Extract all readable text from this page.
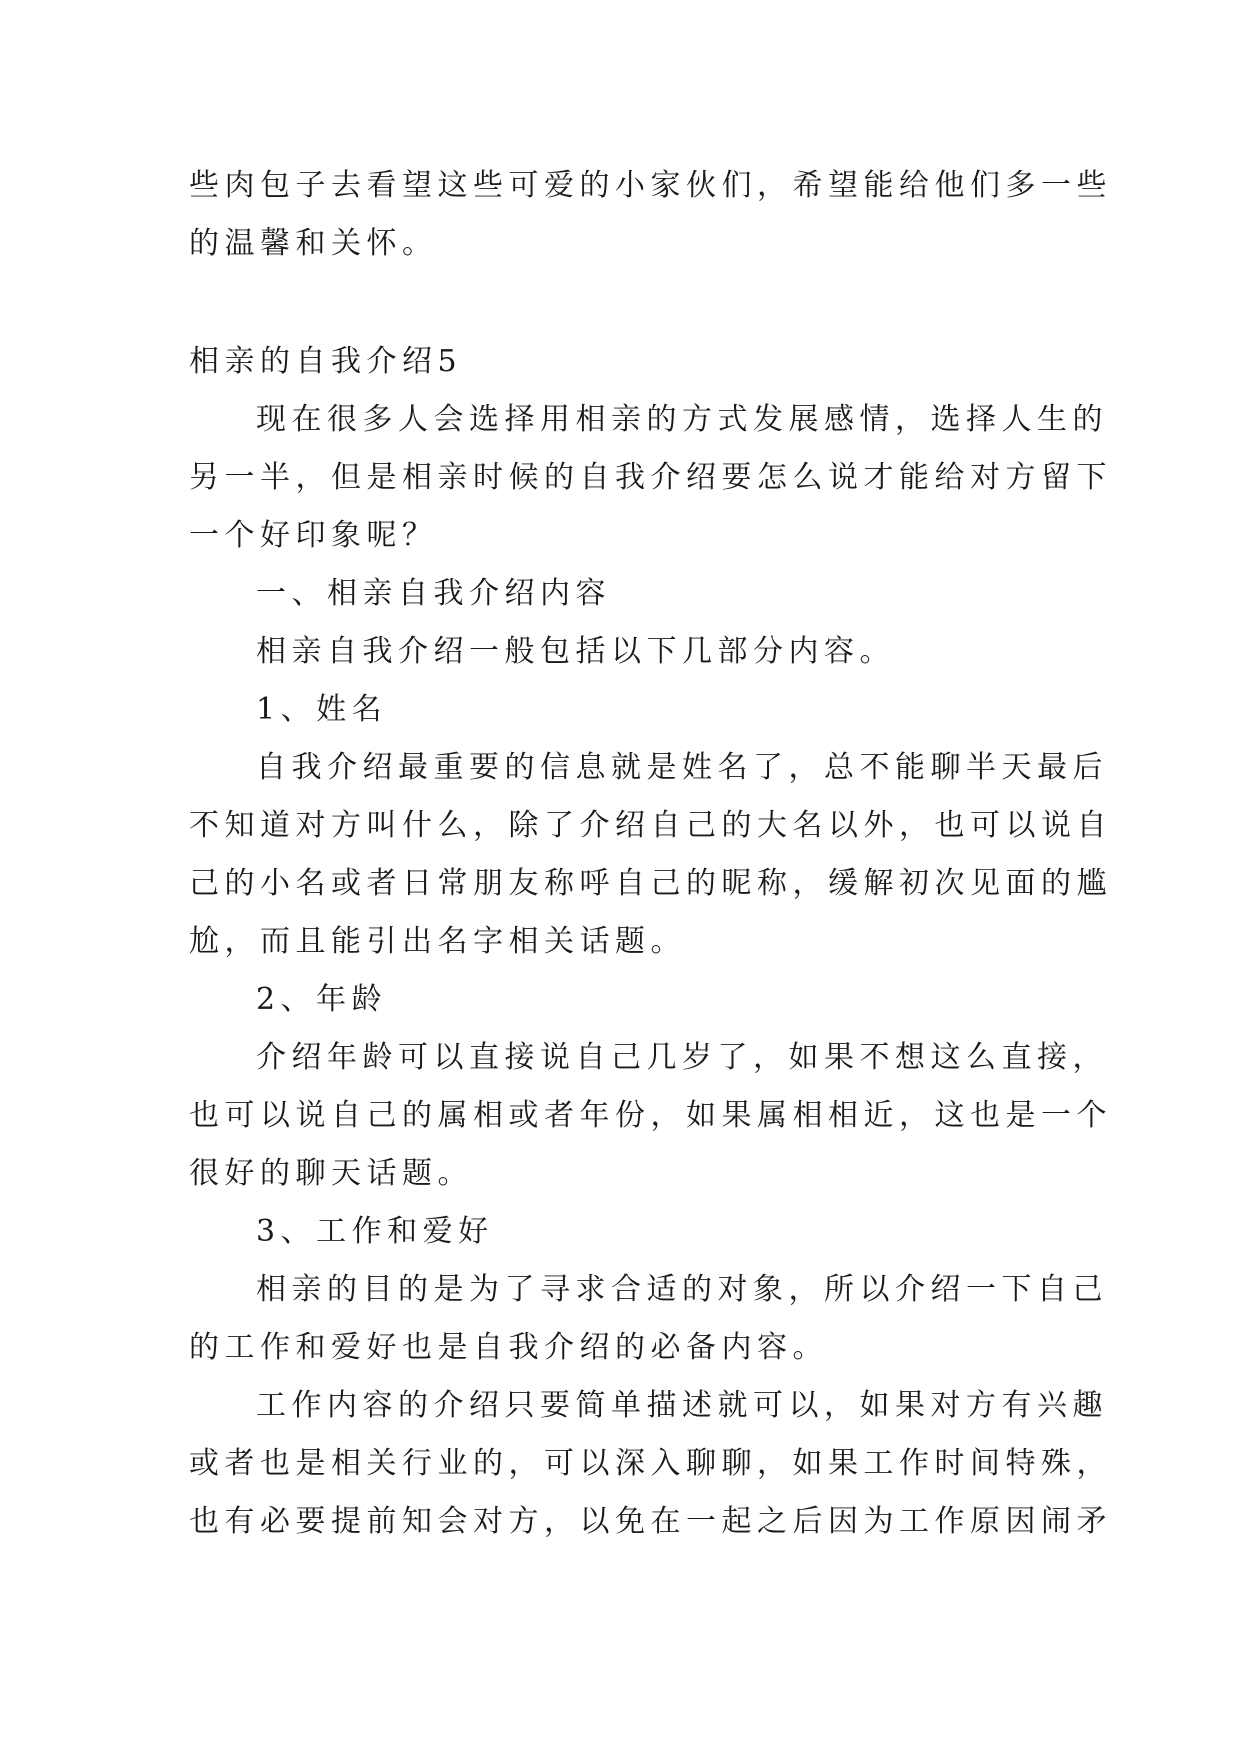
些肉包子去看望这些可爱的小家伙们，希望能给他们多一些

的温馨和关怀。

相亲的自我介绍5

现在很多人会选择用相亲的方式发展感情，选择人生的

另一半，但是相亲时候的自我介绍要怎么说才能给对方留下

一个好印象呢？

一、相亲自我介绍内容

相亲自我介绍一般包括以下几部分内容。

1、姓名

自我介绍最重要的信息就是姓名了，总不能聊半天最后

不知道对方叫什么，除了介绍自己的大名以外，也可以说自

己的小名或者日常朋友称呼自己的昵称，缓解初次见面的尴

尬，而且能引出名字相关话题。

2、年龄

介绍年龄可以直接说自己几岁了，如果不想这么直接，

也可以说自己的属相或者年份，如果属相相近，这也是一个

很好的聊天话题。

3、工作和爱好

相亲的目的是为了寻求合适的对象，所以介绍一下自己

的工作和爱好也是自我介绍的必备内容。

工作内容的介绍只要简单描述就可以，如果对方有兴趣

或者也是相关行业的，可以深入聊聊，如果工作时间特殊，

也有必要提前知会对方，以免在一起之后因为工作原因闹矛
